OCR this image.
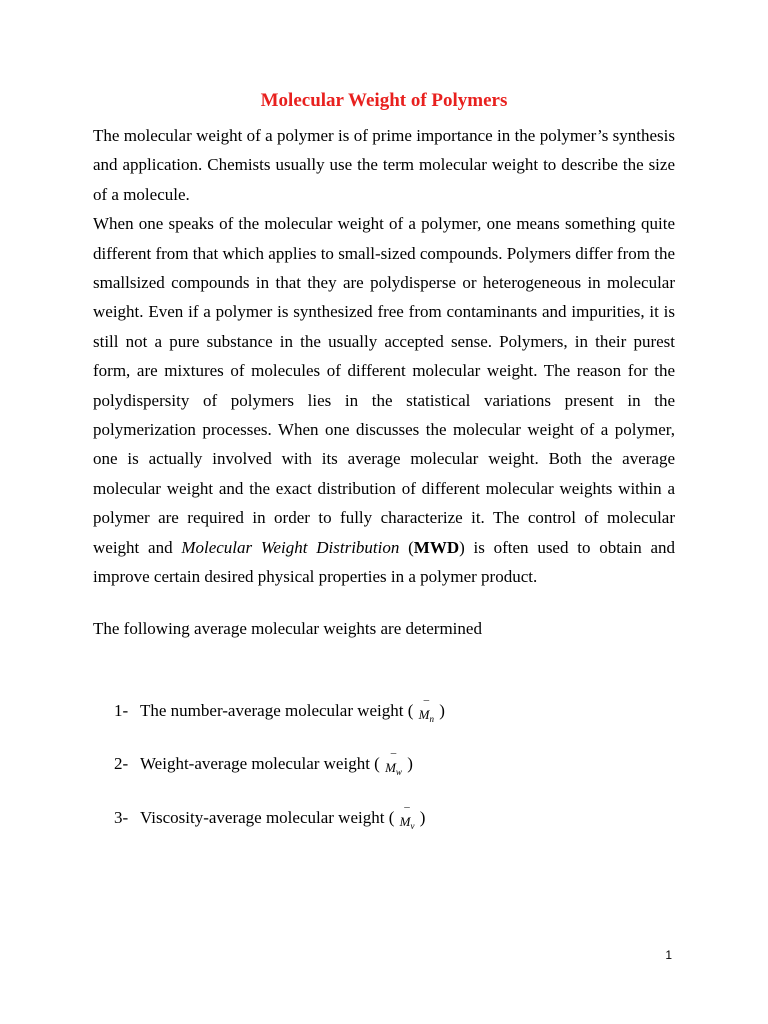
Molecular Weight of Polymers

The molecular weight of a polymer is of prime importance in the polymer’s synthesis and application. Chemists usually use the term molecular weight to describe the size of a molecule.

When one speaks of the molecular weight of a polymer, one means something quite different from that which applies to small-sized compounds. Polymers differ from the smallsized compounds in that they are polydisperse or heterogeneous in molecular weight. Even if a polymer is synthesized free from contaminants and impurities, it is still not a pure substance in the usually accepted sense. Polymers, in their purest form, are mixtures of molecules of different molecular weight. The reason for the polydispersity of polymers lies in the statistical variations present in the polymerization processes. When one discusses the molecular weight of a polymer, one is actually involved with its average molecular weight. Both the average molecular weight and the exact distribution of different molecular weights within a polymer are required in order to fully characterize it. The control of molecular weight and Molecular Weight Distribution (MWD) is often used to obtain and improve certain desired physical properties in a polymer product.

The following average molecular weights are determined

1- The number-average molecular weight (
–
$M_n$ )
2- Weight-average molecular weight (
–
$M_w$ )
3- Viscosity-average molecular weight (
–
$M_v$ )
1
